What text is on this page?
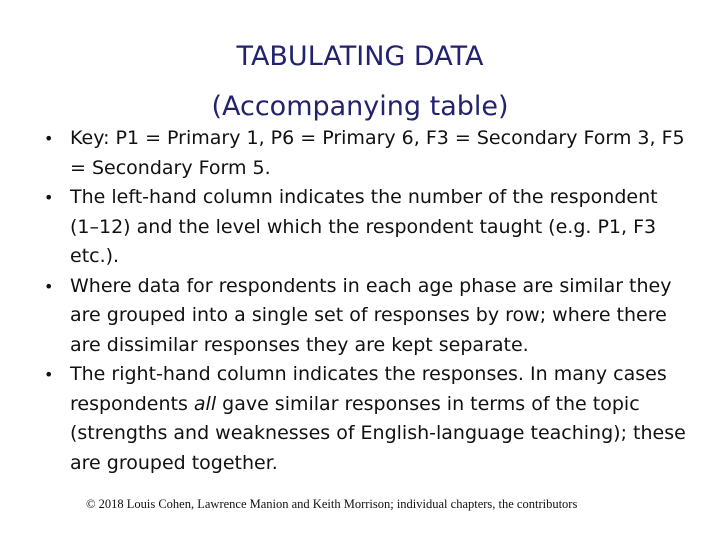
TABULATING DATA
(Accompanying table)
• Key: P1 = Primary 1, P6 = Primary 6, F3 = Secondary Form 3, F5 = Secondary Form 5.
• The left-hand column indicates the number of the respondent (1–12) and the level which the respondent taught (e.g. P1, F3 etc.).
• Where data for respondents in each age phase are similar they are grouped into a single set of responses by row; where there are dissimilar responses they are kept separate.
• The right-hand column indicates the responses. In many cases respondents all gave similar responses in terms of the topic (strengths and weaknesses of English-language teaching); these are grouped together.
© 2018 Louis Cohen, Lawrence Manion and Keith Morrison; individual chapters, the contributors
